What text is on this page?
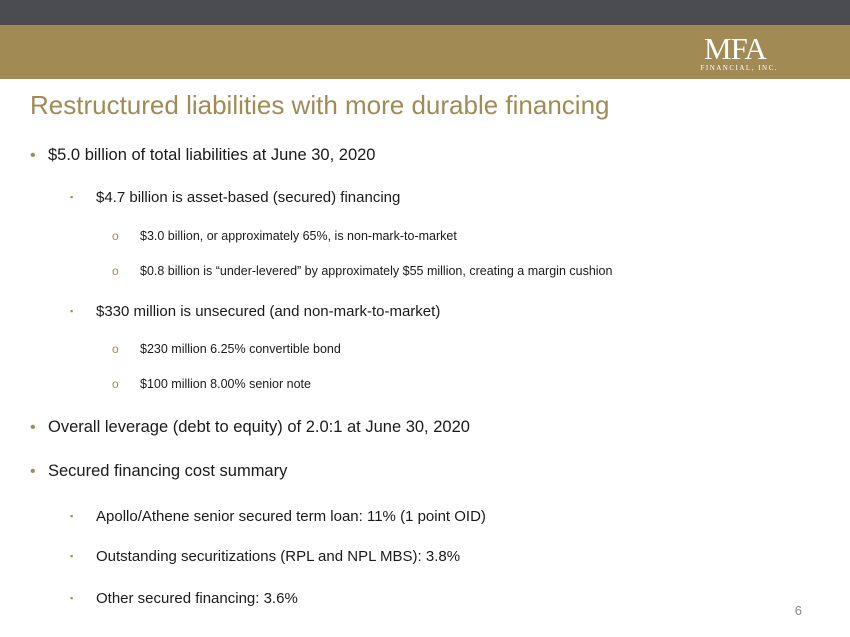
MFA
FINANCIAL, INC.
Restructured liabilities with more durable financing
• $5.0 billion of total liabilities at June 30, 2020
▪ $4.7 billion is asset-based (secured) financing
o $3.0 billion, or approximately 65%, is non-mark-to-market
o $0.8 billion is “under-levered” by approximately $55 million, creating a margin cushion
▪ $330 million is unsecured (and non-mark-to-market)
o $230 million 6.25% convertible bond
o $100 million 8.00% senior note
• Overall leverage (debt to equity) of 2.0:1 at June 30, 2020
• Secured financing cost summary
▪ Apollo/Athene senior secured term loan: 11% (1 point OID)
▪ Outstanding securitizations (RPL and NPL MBS): 3.8%
▪ Other secured financing: 3.6%
6
